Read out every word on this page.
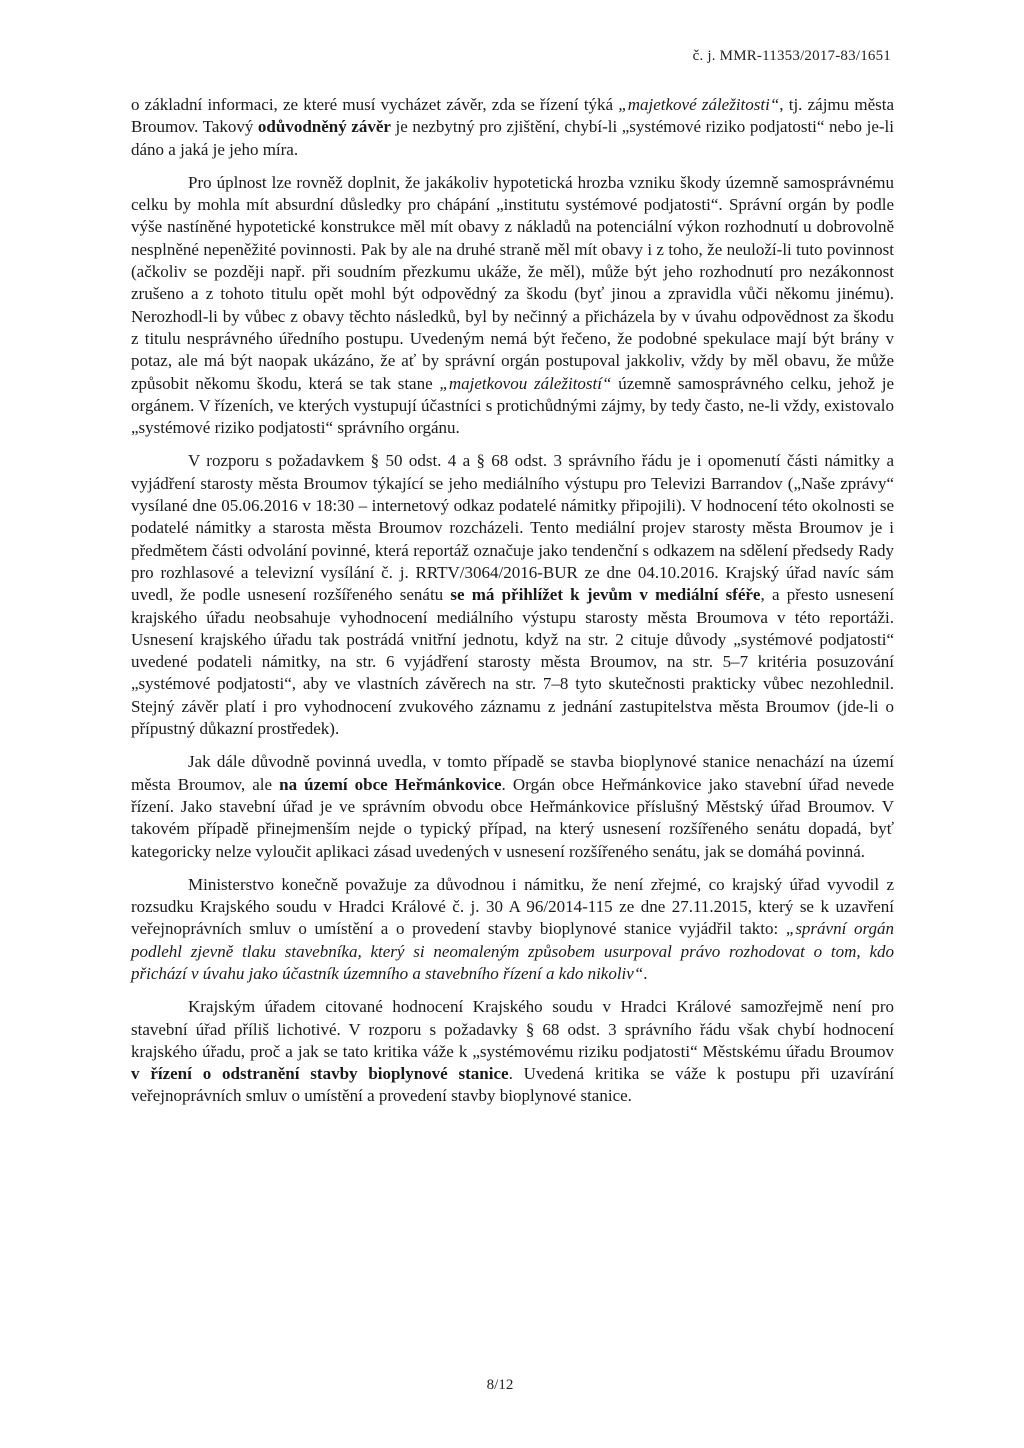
č. j. MMR-11353/2017-83/1651

o základní informaci, ze které musí vycházet závěr, zda se řízení týká „majetkové záležitosti“, tj. zájmu města Broumov. Takový odůvodněný závěr je nezbytný pro zjištění, chybí-li „systémové riziko podjatosti“ nebo je-li dáno a jaká je jeho míra.

Pro úplnost lze rovněž doplnit, že jakákoliv hypotetická hrozba vzniku škody územně samosprávnému celku by mohla mít absurdní důsledky pro chápání „institutu systémové podjatosti“. Správní orgán by podle výše nastíněné hypotetické konstrukce měl mít obavy z nákladů na potenciální výkon rozhodnutí u dobrovolně nesplněné nepeněžité povinnosti. Pak by ale na druhé straně měl mít obavy i z toho, že neuloží-li tuto povinnost (ačkoliv se později např. při soudním přezkumu ukáže, že měl), může být jeho rozhodnutí pro nezákonnost zrušeno a z tohoto titulu opět mohl být odpovědný za škodu (byť jinou a zpravidla vůči někomu jinému). Nerozhodl-li by vůbec z obavy těchto následků, byl by nečinný a přicházela by v úvahu odpovědnost za škodu z titulu nesprávného úředního postupu. Uvedeným nemá být řečeno, že podobné spekulace mají být brány v potaz, ale má být naopak ukázáno, že ať by správní orgán postupoval jakkoliv, vždy by měl obavu, že může způsobit někomu škodu, která se tak stane „majetkovou záležitostí“ územně samosprávného celku, jehož je orgánem. V řízeních, ve kterých vystupují účastníci s protichůdnými zájmy, by tedy často, ne-li vždy, existovalo „systémové riziko podjatosti“ správního orgánu.

V rozporu s požadavkem § 50 odst. 4 a § 68 odst. 3 správního řádu je i opomenutí části námitky a vyjádření starosty města Broumov týkající se jeho mediálního výstupu pro Televizi Barrandov („Naše zprávy“ vysílané dne 05.06.2016 v 18:30 – internetový odkaz podatelé námitky připojili). V hodnocení této okolnosti se podatelé námitky a starosta města Broumov rozcházeli. Tento mediální projev starosty města Broumov je i předmětem části odvolání povinné, která reportáž označuje jako tendenční s odkazem na sdělení předsedy Rady pro rozhlasové a televizní vysílání č. j. RRTV/3064/2016-BUR ze dne 04.10.2016. Krajský úřad navíc sám uvedl, že podle usnesení rozšířeného senátu se má přihlížet k jevům v mediální sféře, a přesto usnesení krajského úřadu neobsahuje vyhodnocení mediálního výstupu starosty města Broumova v této reportáži. Usnesení krajského úřadu tak postrádá vnitřní jednotu, když na str. 2 cituje důvody „systémové podjatosti“ uvedené podateli námitky, na str. 6 vyjádření starosty města Broumov, na str. 5–7 kritéria posuzování „systémové podjatosti“, aby ve vlastních závěrech na str. 7–8 tyto skutečnosti prakticky vůbec nezohlednil. Stejný závěr platí i pro vyhodnocení zvukového záznamu z jednání zastupitelstva města Broumov (jde-li o přípustný důkazní prostředek).

Jak dále důvodně povinná uvedla, v tomto případě se stavba bioplynové stanice nenachází na území města Broumov, ale na území obce Heřmánkovice. Orgán obce Heřmánkovice jako stavební úřad nevede řízení. Jako stavební úřad je ve správním obvodu obce Heřmánkovice příslušný Městský úřad Broumov. V takovém případě přinejmenším nejde o typický případ, na který usnesení rozšířeného senátu dopadá, byť kategoricky nelze vyloučit aplikaci zásad uvedených v usnesení rozšířeného senátu, jak se domáhá povinná.

Ministerstvo konečně považuje za důvodnou i námitku, že není zřejmé, co krajský úřad vyvodil z rozsudku Krajského soudu v Hradci Králové č. j. 30 A 96/2014-115 ze dne 27.11.2015, který se k uzavření veřejnoprávních smluv o umístění a o provedení stavby bioplynové stanice vyjádřil takto: „správní orgán podlehl zjevně tlaku stavebníka, který si neomaleným způsobem usurpoval právo rozhodovat o tom, kdo přichází v úvahu jako účastník územního a stavebního řízení a kdo nikoliv“.

Krajským úřadem citované hodnocení Krajského soudu v Hradci Králové samozřejmě není pro stavební úřad příliš lichotivé. V rozporu s požadavky § 68 odst. 3 správního řádu však chybí hodnocení krajského úřadu, proč a jak se tato kritika váže k „systémovému riziku podjatosti“ Městskému úřadu Broumov v řízení o odstranění stavby bioplynové stanice. Uvedená kritika se váže k postupu při uzavírání veřejnoprávních smluv o umístění a provedení stavby bioplynové stanice.

8/12
